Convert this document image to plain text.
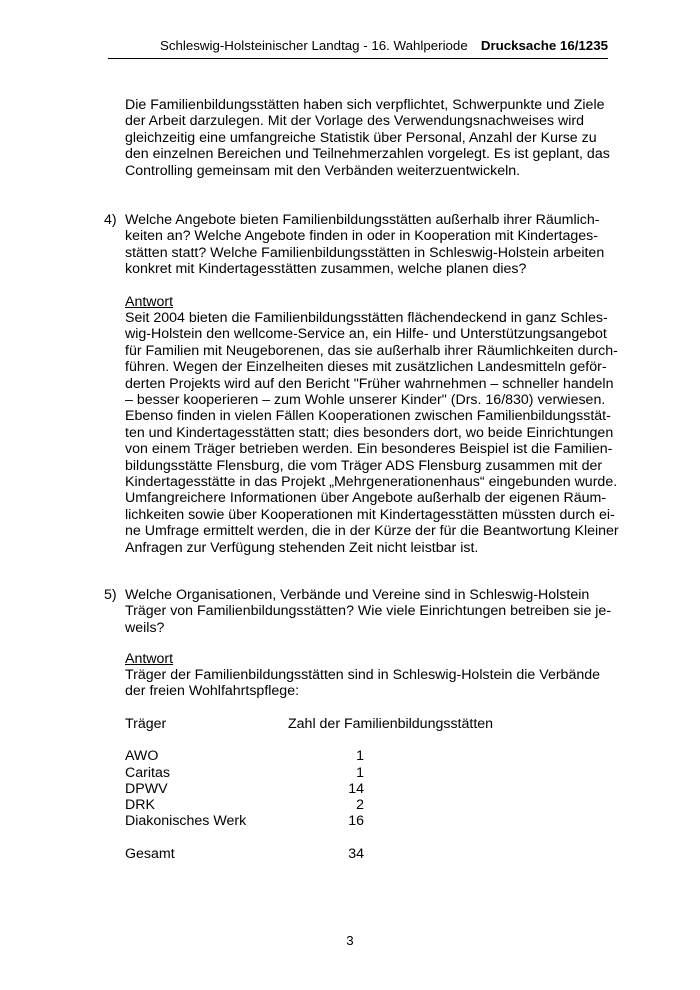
Schleswig-Holsteinischer Landtag - 16. Wahlperiode Drucksache 16/1235

Die Familienbildungsstätten haben sich verpflichtet, Schwerpunkte und Ziele
der Arbeit darzulegen. Mit der Vorlage des Verwendungsnachweises wird
gleichzeitig eine umfangreiche Statistik über Personal, Anzahl der Kurse zu
den einzelnen Bereichen und Teilnehmerzahlen vorgelegt. Es ist geplant, das
Controlling gemeinsam mit den Verbänden weiterzuentwickeln.

4) Welche Angebote bieten Familienbildungsstätten außerhalb ihrer Räumlich-
keiten an? Welche Angebote finden in oder in Kooperation mit Kindertages-
stätten statt? Welche Familienbildungsstätten in Schleswig-Holstein arbeiten
konkret mit Kindertagesstätten zusammen, welche planen dies?

Antwort

Seit 2004 bieten die Familienbildungsstätten flächendeckend in ganz Schles-
wig-Holstein den wellcome-Service an, ein Hilfe- und Unterstützungsangebot
für Familien mit Neugeborenen, das sie außerhalb ihrer Räumlichkeiten durch-
führen. Wegen der Einzelheiten dieses mit zusätzlichen Landesmitteln geför-
derten Projekts wird auf den Bericht "Früher wahrnehmen – schneller handeln
– besser kooperieren – zum Wohle unserer Kinder" (Drs. 16/830) verwiesen.
Ebenso finden in vielen Fällen Kooperationen zwischen Familienbildungsstät-
ten und Kindertagesstätten statt; dies besonders dort, wo beide Einrichtungen
von einem Träger betrieben werden. Ein besonderes Beispiel ist die Familien-
bildungsstätte Flensburg, die vom Träger ADS Flensburg zusammen mit der
Kindertagesstätte in das Projekt „Mehrgenerationenhaus“ eingebunden wurde.
Umfangreichere Informationen über Angebote außerhalb der eigenen Räum-
lichkeiten sowie über Kooperationen mit Kindertagesstätten müssten durch ei-
ne Umfrage ermittelt werden, die in der Kürze der für die Beantwortung Kleiner
Anfragen zur Verfügung stehenden Zeit nicht leistbar ist.

5) Welche Organisationen, Verbände und Vereine sind in Schleswig-Holstein
Träger von Familienbildungsstätten? Wie viele Einrichtungen betreiben sie je-
weils?

Antwort

Träger der Familienbildungsstätten sind in Schleswig-Holstein die Verbände
der freien Wohlfahrtspflege:

Träger	Zahl der Familienbildungsstätten
AWO	1
Caritas	1
DPWV	14
DRK	2
Diakonisches Werk	16
Gesamt	34
3
